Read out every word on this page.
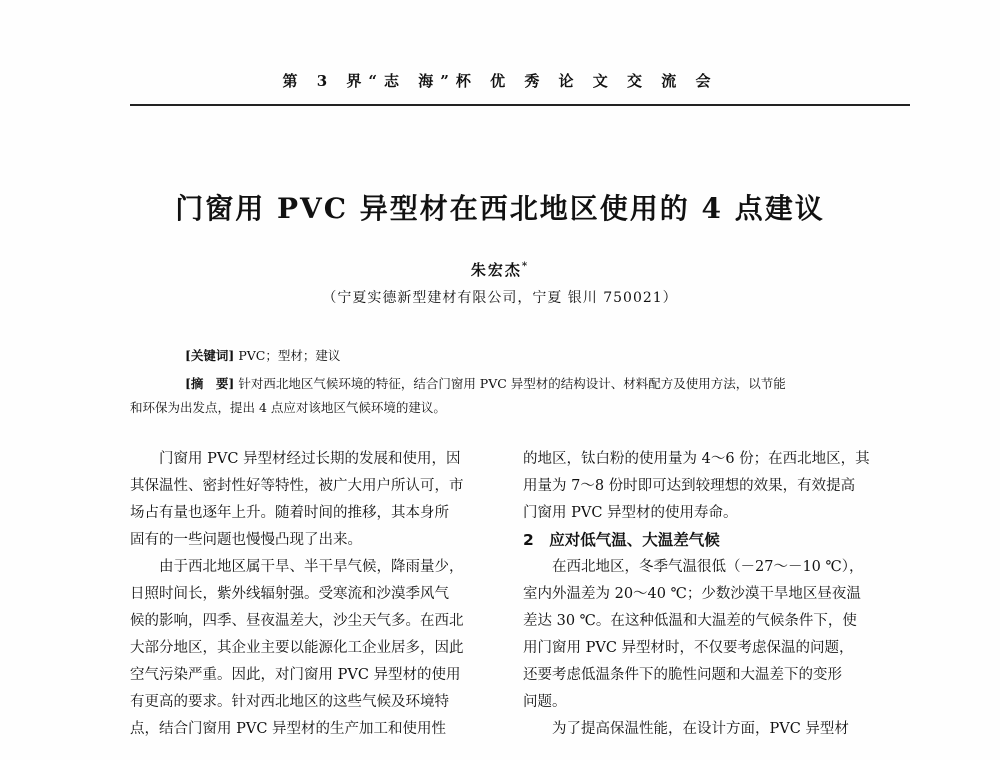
第 3 界“志 海”杯 优 秀 论 文 交 流 会
门窗用 PVC 异型材在西北地区使用的 4 点建议
朱宏杰*
（宁夏实德新型建材有限公司，宁夏 银川 750021）
[关键词] PVC；型材；建议
[摘　要] 针对西北地区气候环境的特征，结合门窗用 PVC 异型材的结构设计、材料配方及使用方法，以节能
和环保为出发点，提出 4 点应对该地区气候环境的建议。
门窗用 PVC 异型材经过长期的发展和使用，因
其保温性、密封性好等特性，被广大用户所认可，市
场占有量也逐年上升。随着时间的推移，其本身所
固有的一些问题也慢慢凸现了出来。
由于西北地区属干旱、半干旱气候，降雨量少，
日照时间长，紫外线辐射强。受寒流和沙漠季风气
候的影响，四季、昼夜温差大，沙尘天气多。在西北
大部分地区，其企业主要以能源化工企业居多，因此
空气污染严重。因此，对门窗用 PVC 异型材的使用
有更高的要求。针对西北地区的这些气候及环境特
点，结合门窗用 PVC 异型材的生产加工和使用性
的地区，钛白粉的使用量为 4～6 份；在西北地区，其
用量为 7～8 份时即可达到较理想的效果，有效提高
门窗用 PVC 异型材的使用寿命。
2　应对低气温、大温差气候
在西北地区，冬季气温很低（－27～－10 ℃），
室内外温差为 20～40 ℃；少数沙漠干旱地区昼夜温
差达 30 ℃。在这种低温和大温差的气候条件下，使
用门窗用 PVC 异型材时，不仅要考虑保温的问题，
还要考虑低温条件下的脆性问题和大温差下的变形
问题。
为了提高保温性能，在设计方面，PVC 异型材
